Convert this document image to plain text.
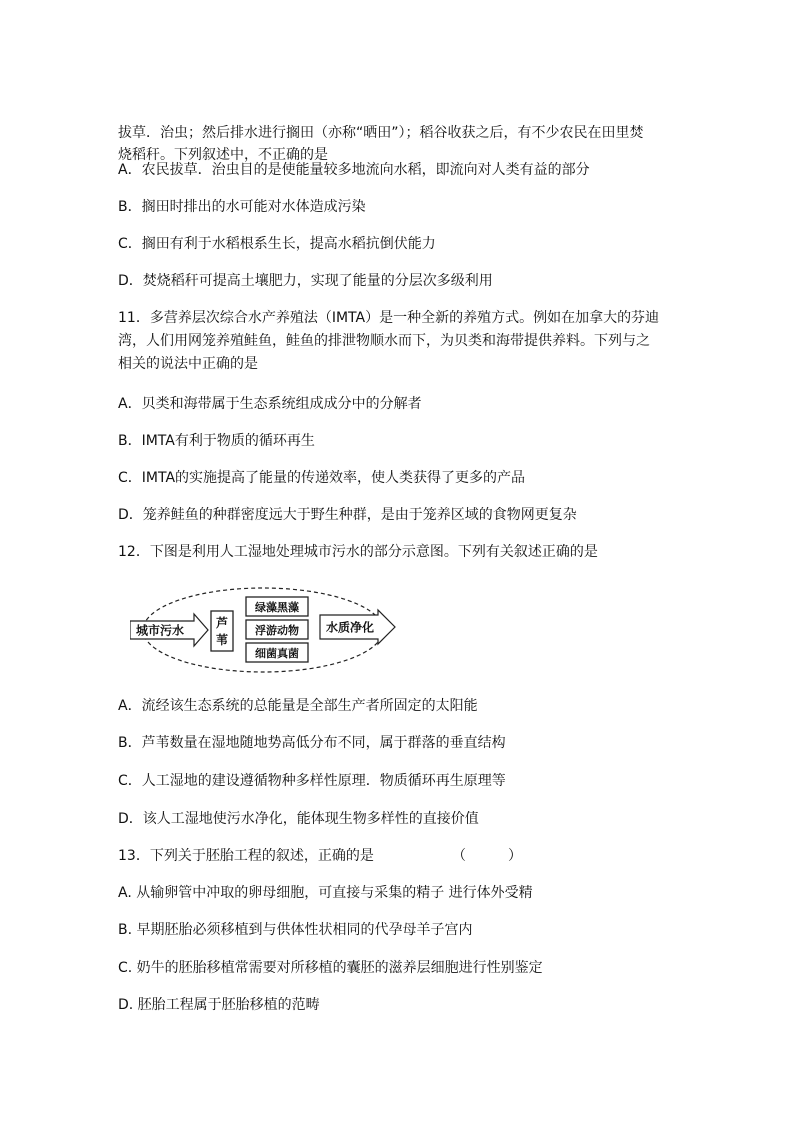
拔草．治虫；然后排水进行搁田（亦称“晒田”）；稻谷收获之后，有不少农民在田里焚

烧稻秆。下列叙述中，不正确的是

A．农民拔草．治虫目的是使能量较多地流向水稻，即流向对人类有益的部分

B．搁田时排出的水可能对水体造成污染

C．搁田有利于水稻根系生长，提高水稻抗倒伏能力

D．焚烧稻秆可提高土壤肥力，实现了能量的分层次多级利用

11．多营养层次综合水产养殖法（IMTA）是一种全新的养殖方式。例如在加拿大的芬迪

湾，人们用网笼养殖鲑鱼，鲑鱼的排泄物顺水而下，为贝类和海带提供养料。下列与之

相关的说法中正确的是

A．贝类和海带属于生态系统组成成分中的分解者

B．IMTA有利于物质的循环再生

C．IMTA的实施提高了能量的传递效率，使人类获得了更多的产品

D．笼养鲑鱼的种群密度远大于野生种群，是由于笼养区域的食物网更复杂

12．下图是利用人工湿地处理城市污水的部分示意图。下列有关叙述正确的是

城市污水
芦
苇
绿藻黑藻
浮游动物
细菌真菌
水质净化

A．流经该生态系统的总能量是全部生产者所固定的太阳能

B．芦苇数量在湿地随地势高低分布不同，属于群落的垂直结构

C．人工湿地的建设遵循物种多样性原理．物质循环再生原理等

D．该人工湿地使污水净化，能体现生物多样性的直接价值

13．下列关于胚胎工程的叙述，正确的是	（　　　）

A. 从输卵管中冲取的卵母细胞，可直接与采集的精子 进行体外受精

B. 早期胚胎必须移植到与供体性状相同的代孕母羊子宫内

C. 奶牛的胚胎移植常需要对所移植的囊胚的滋养层细胞进行性别鉴定

D. 胚胎工程属于胚胎移植的范畴
